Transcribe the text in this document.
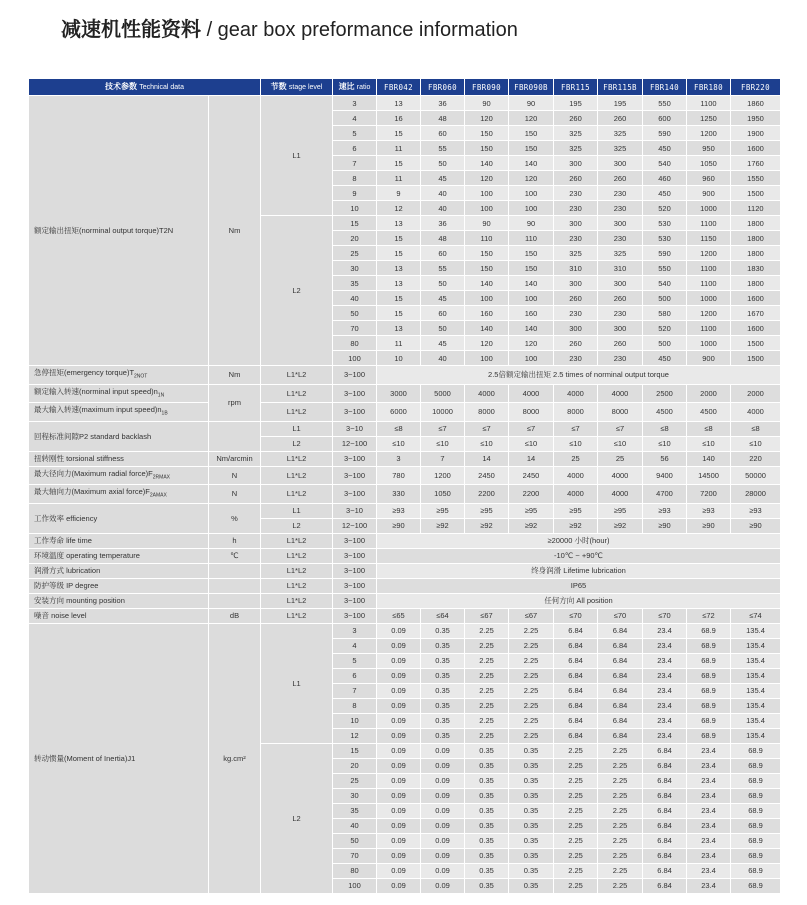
减速机性能资料 / gear box preformance information
技术参数 Technical data		节数 stage level	速比 ratio	FBR042	FBR060	FBR090	FBR090B	FBR115	FBR115B	FBR140	FBR180	FBR220
额定输出扭矩(norminal output torque)T2N	Nm	L1	3	13	36	90	90	195	195	550	1100	1860
			4	16	48	120	120	260	260	600	1250	1950
			5	15	60	150	150	325	325	590	1200	1900
			6	11	55	150	150	325	325	450	950	1600
			7	15	50	140	140	300	300	540	1050	1760
			8	11	45	120	120	260	260	460	960	1550
			9	9	40	100	100	230	230	450	900	1500
			10	12	40	100	100	230	230	520	1000	1120
		L2	15	13	36	90	90	300	300	530	1100	1800
			20	15	48	110	110	230	230	530	1150	1800
			25	15	60	150	150	325	325	590	1200	1800
			30	13	55	150	150	310	310	550	1100	1830
			35	13	50	140	140	300	300	540	1100	1800
			40	15	45	100	100	260	260	500	1000	1600
			50	15	60	160	160	230	230	580	1200	1670
			70	13	50	140	140	300	300	520	1100	1600
			80	11	45	120	120	260	260	500	1000	1500
			100	10	40	100	100	230	230	450	900	1500
急停扭矩(emergency $torque)T_{2NOT}$	Nm	L1*L2	3~100	2.5倍额定输出扭矩 2.5 times of norminal output torque								
额定输入转速(norminal input $speed)n_{1N}$	rpm	L1*L2	3~100	3000	5000	4000	4000	4000	4000	2500	2000	2000
最大输入转速(maximum input $speed)n_{1B}$		L1*L2	3~100	6000	10000	8000	8000	8000	8000	4500	4500	4000
回程标准间隙P2 standard backlash		L1	3~10	≤8	≤7	≤7	≤7	≤7	≤7	≤8	≤8	≤8
		L2	12~100	≤10	≤10	≤10	≤10	≤10	≤10	≤10	≤10	≤10
扭转刚性 torsional stiffness	Nm/arcmin	L1*L2	3~100	3	7	14	14	25	25	56	140	220
最大径向力(Maximum radial $force)F_{2RMAX}$	N	L1*L2	3~100	780	1200	2450	2450	4000	4000	9400	14500	50000
最大轴向力(Maximum axial $force)F_{2AMAX}$	N	L1*L2	3~100	330	1050	2200	2200	4000	4000	4700	7200	28000
工作效率 efficiency	%	L1	3~10	≥93	≥95	≥95	≥95	≥95	≥95	≥93	≥93	≥93
		L2	12~100	≥90	≥92	≥92	≥92	≥92	≥92	≥90	≥90	≥90
工作寿命 life time	h	L1*L2	3~100	≥20000 小时(hour)								
环境温度 operating temperature	℃	L1*L2	3~100	-10℃ ~ +90℃								
润滑方式 lubrication		L1*L2	3~100	终身润滑 Lifetime lubrication								
防护等级 IP degree		L1*L2	3~100	IP65								
安装方向 mounting position		L1*L2	3~100	任何方向 All position								
噪音 noise level	dB	L1*L2	3~100	≤65	≤64	≤67	≤67	≤70	≤70	≤70	≤72	≤74
转动惯量(Moment of Inertia)J1	kg.cm²	L1	3	0.09	0.35	2.25	2.25	6.84	6.84	23.4	68.9	135.4
			4	0.09	0.35	2.25	2.25	6.84	6.84	23.4	68.9	135.4
			5	0.09	0.35	2.25	2.25	6.84	6.84	23.4	68.9	135.4
			6	0.09	0.35	2.25	2.25	6.84	6.84	23.4	68.9	135.4
			7	0.09	0.35	2.25	2.25	6.84	6.84	23.4	68.9	135.4
			8	0.09	0.35	2.25	2.25	6.84	6.84	23.4	68.9	135.4
			10	0.09	0.35	2.25	2.25	6.84	6.84	23.4	68.9	135.4
			12	0.09	0.35	2.25	2.25	6.84	6.84	23.4	68.9	135.4
		L2	15	0.09	0.09	0.35	0.35	2.25	2.25	6.84	23.4	68.9
			20	0.09	0.09	0.35	0.35	2.25	2.25	6.84	23.4	68.9
			25	0.09	0.09	0.35	0.35	2.25	2.25	6.84	23.4	68.9
			30	0.09	0.09	0.35	0.35	2.25	2.25	6.84	23.4	68.9
			35	0.09	0.09	0.35	0.35	2.25	2.25	6.84	23.4	68.9
			40	0.09	0.09	0.35	0.35	2.25	2.25	6.84	23.4	68.9
			50	0.09	0.09	0.35	0.35	2.25	2.25	6.84	23.4	68.9
			70	0.09	0.09	0.35	0.35	2.25	2.25	6.84	23.4	68.9
			80	0.09	0.09	0.35	0.35	2.25	2.25	6.84	23.4	68.9
			100	0.09	0.09	0.35	0.35	2.25	2.25	6.84	23.4	68.9
